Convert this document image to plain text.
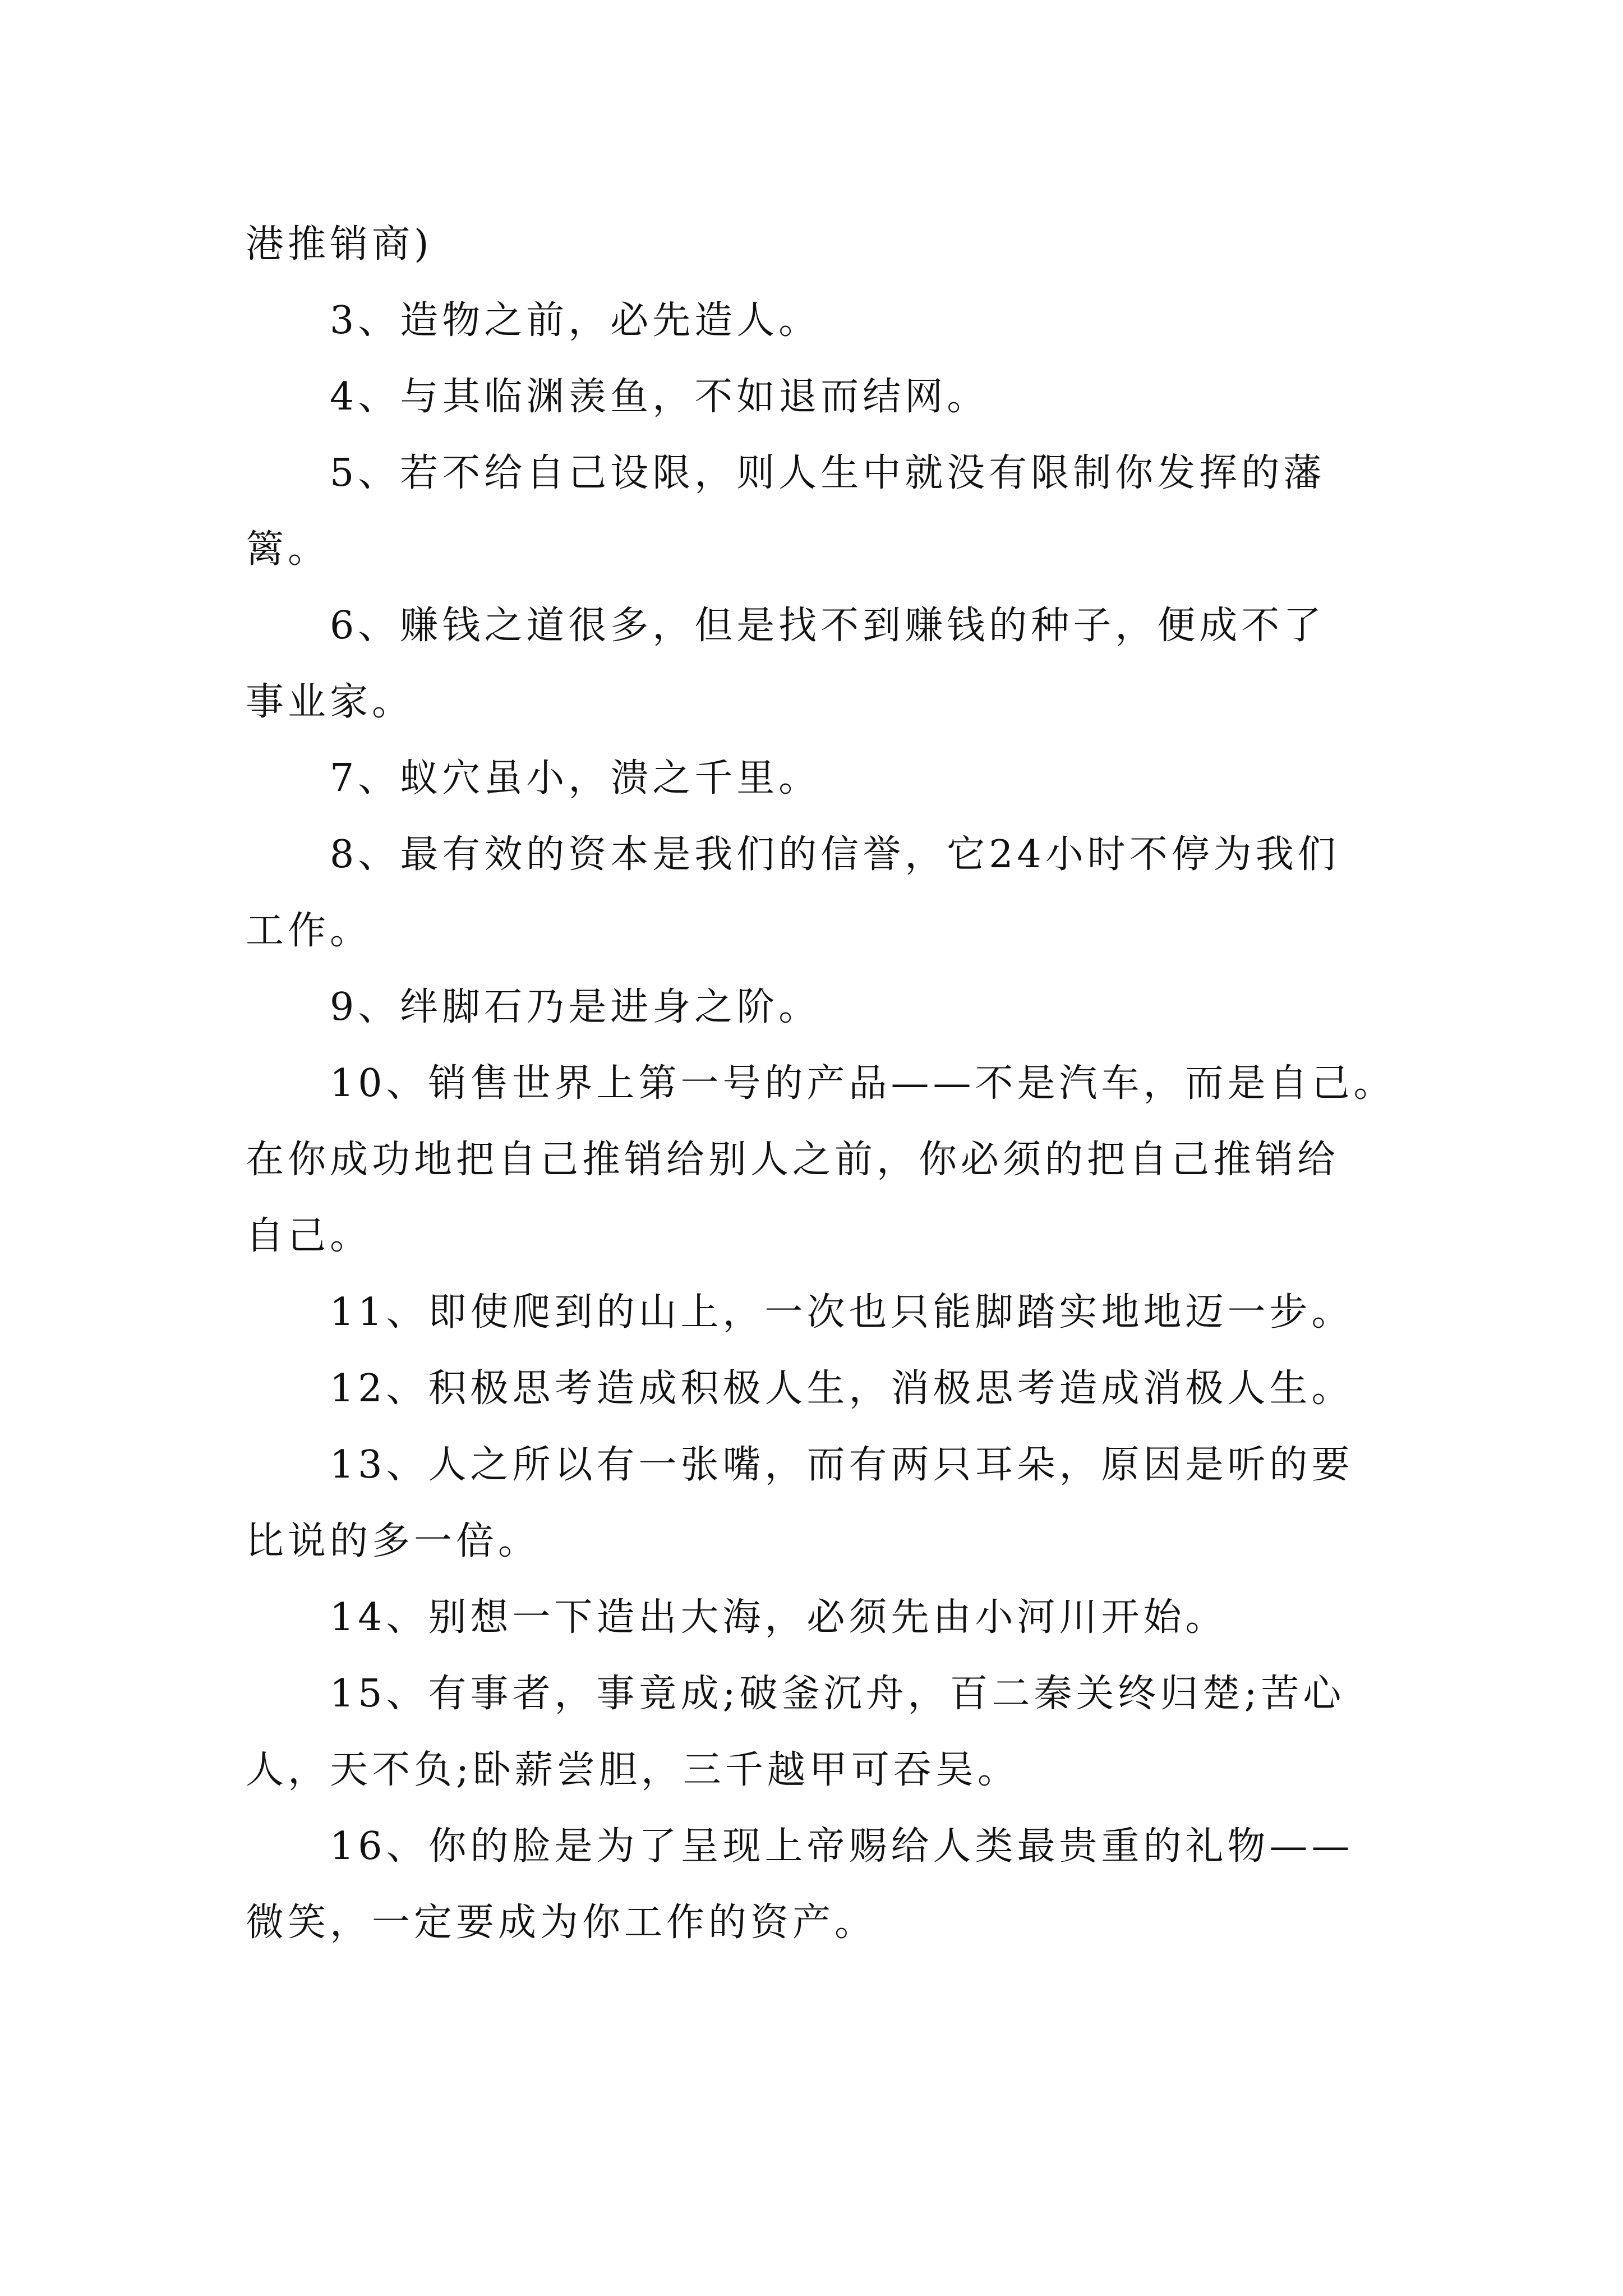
港推销商)
3、造物之前，必先造人。
4、与其临渊羡鱼，不如退而结网。
5、若不给自己设限，则人生中就没有限制你发挥的藩
篱。
6、赚钱之道很多，但是找不到赚钱的种子，便成不了
事业家。
7、蚁穴虽小，溃之千里。
8、最有效的资本是我们的信誉，它24小时不停为我们
工作。
9、绊脚石乃是进身之阶。
10、销售世界上第一号的产品——不是汽车，而是自己。
在你成功地把自己推销给别人之前，你必须的把自己推销给
自己。
11、即使爬到的山上，一次也只能脚踏实地地迈一步。
12、积极思考造成积极人生，消极思考造成消极人生。
13、人之所以有一张嘴，而有两只耳朵，原因是听的要
比说的多一倍。
14、别想一下造出大海，必须先由小河川开始。
15、有事者，事竟成;破釜沉舟，百二秦关终归楚;苦心
人，天不负;卧薪尝胆，三千越甲可吞吴。
16、你的脸是为了呈现上帝赐给人类最贵重的礼物——
微笑，一定要成为你工作的资产。
